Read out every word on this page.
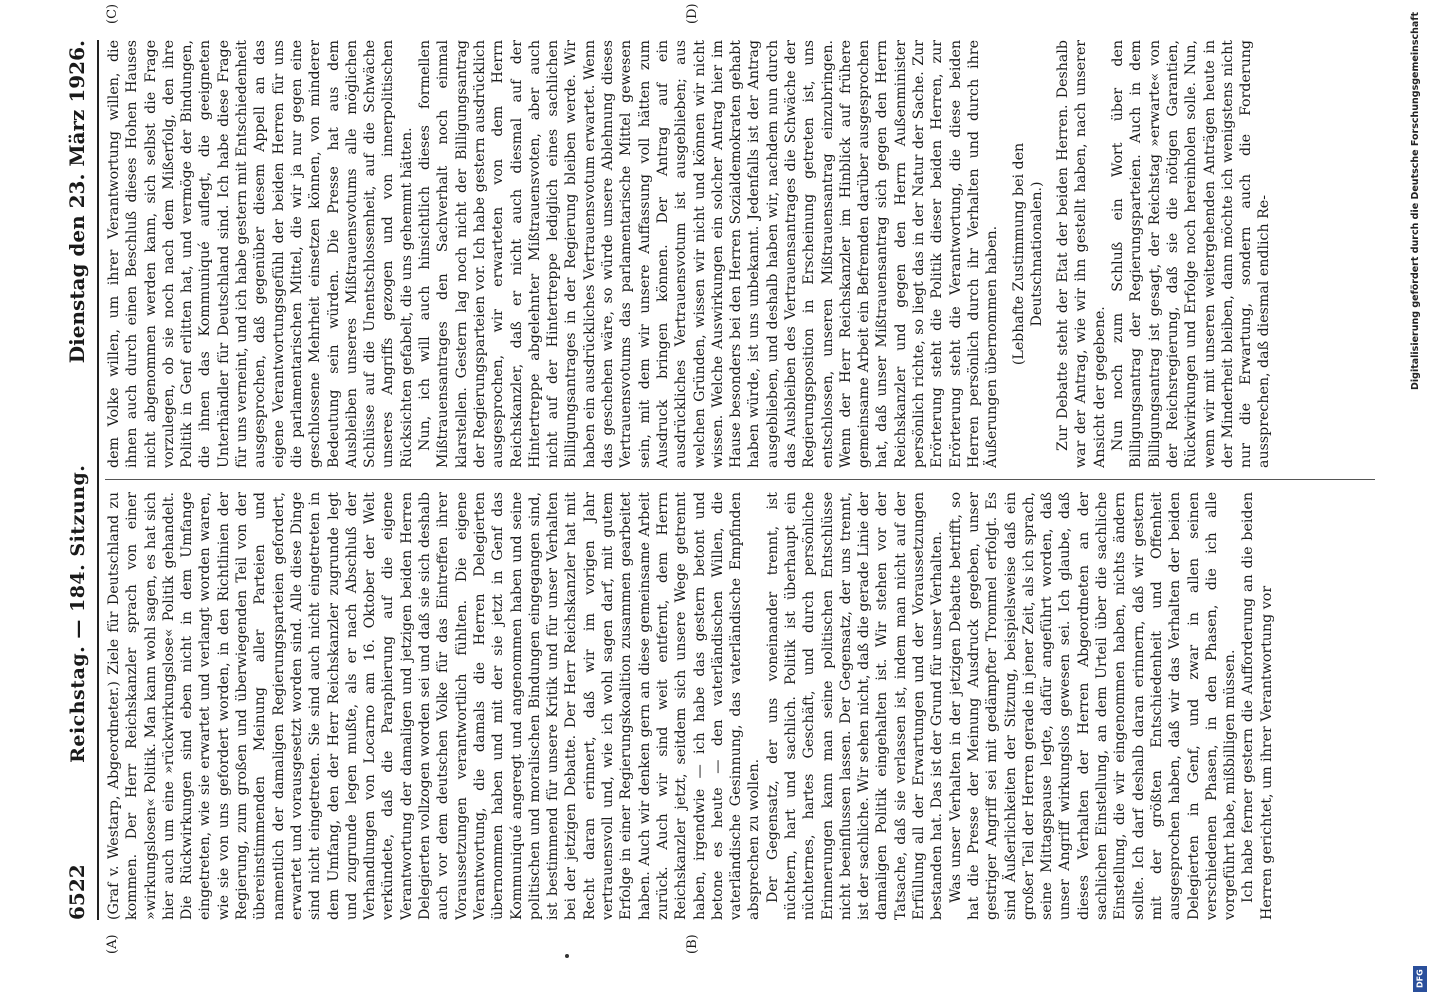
6522
Reichstag. — 184. Sitzung.
Dienstag den 23. März 1926.
(A)	(B)
(C)	(D)

(Graf v. Westarp, Abgeordneter.) Ziele für Deutschland zu kommen. Der Herr Reichskanzler sprach von einer »wirkungslosen« Politik. Man kann wohl sagen, es hat sich hier auch um eine »rückwirkungslose« Politik gehandelt. Die Rückwirkungen sind eben nicht in dem Umfange eingetreten, wie sie erwartet und verlangt worden waren, wie sie von uns gefordert worden, in den Richtlinien der Regierung, zum großen und überwiegenden Teil von der übereinstimmenden Meinung aller Parteien und namentlich der damaligen Regierungsparteien gefordert, erwartet und vorausgesetzt worden sind. Alle diese Dinge sind nicht eingetreten. Sie sind auch nicht eingetreten in dem Umfang, den der Herr Reichskanzler zugrunde legt und zugrunde legen mußte, als er nach Abschluß der Verhandlungen von Locarno am 16. Oktober der Welt verkündete, daß die Paraphierung auf die eigene Verantwortung der damaligen und jetzigen beiden Herren Delegierten vollzogen worden sei und daß sie sich deshalb auch vor dem deutschen Volke für das Eintreffen ihrer Voraussetzungen verantwortlich fühlten. Die eigene Verantwortung, die damals die Herren Delegierten übernommen haben und mit der sie jetzt in Genf das Kommuniqué angeregt und angenommen haben und seine politischen und moralischen Bindungen eingegangen sind, ist bestimmend für unsere Kritik und für unser Verhalten bei der jetzigen Debatte. Der Herr Reichskanzler hat mit Recht daran erinnert, daß wir im vorigen Jahr vertrauensvoll und, wie ich wohl sagen darf, mit gutem Erfolge in einer Regierungskoalition zusammen gearbeitet haben. Auch wir denken gern an diese gemeinsame Arbeit zurück. Auch wir sind weit entfernt, dem Herrn Reichskanzler jetzt, seitdem sich unsere Wege getrennt haben, irgendwie — ich habe das gestern betont und betone es heute — den vaterländischen Willen, die vaterländische Gesinnung, das vaterländische Empfinden absprechen zu wollen. Der Gegensatz, der uns voneinander trennt, ist nüchtern, hart und sachlich. Politik ist überhaupt ein nüchternes, hartes Geschäft, und durch persönliche Erinnerungen kann man seine politischen Entschlüsse nicht beeinflussen lassen. Der Gegensatz, der uns trennt, ist der sachliche. Wir sehen nicht, daß die gerade Linie der damaligen Politik eingehalten ist. Wir stehen vor der Tatsache, daß sie verlassen ist, indem man nicht auf der Erfüllung all der Erwartungen und der Voraussetzungen bestanden hat. Das ist der Grund für unser Verhalten. Was unser Verhalten in der jetzigen Debatte betrifft, so hat die Presse der Meinung Ausdruck gegeben, unser gestriger Angriff sei mit gedämpfter Trommel erfolgt. Es sind Äußerlichkeiten der Sitzung, beispielsweise daß ein großer Teil der Herren gerade in jener Zeit, als ich sprach, seine Mittagspause legte, dafür angeführt worden, daß unser Angriff wirkungslos gewesen sei. Ich glaube, daß dieses Verhalten der Herren Abgeordneten an der sachlichen Einstellung, an dem Urteil über die sachliche Einstellung, die wir eingenommen haben, nichts ändern sollte. Ich darf deshalb daran erinnern, daß wir gestern mit der größten Entschiedenheit und Offenheit ausgesprochen haben, daß wir das Verhalten der beiden Delegierten in Genf, und zwar in allen seinen verschiedenen Phasen, in den Phasen, die ich alle vorgeführt habe, mißbilligen müssen. Ich habe ferner gestern die Aufforderung an die beiden Herren gerichtet, um ihrer Verantwortung vor

dem Volke willen, um ihrer Verantwortung willen, die ihnen auch durch einen Beschluß dieses Hohen Hauses nicht abgenommen werden kann, sich selbst die Frage vorzulegen, ob sie noch nach dem Mißerfolg, den ihre Politik in Genf erlitten hat, und vermöge der Bindungen, die ihnen das Kommuniqué auflegt, die geeigneten Unterhändler für Deutschland sind. Ich habe diese Frage für uns verneint, und ich habe gestern mit Entschiedenheit ausgesprochen, daß gegenüber diesem Appell an das eigene Verantwortungsgefühl der beiden Herren für uns die parlamentarischen Mittel, die wir ja nur gegen eine geschlossene Mehrheit einsetzen können, von minderer Bedeutung sein würden. Die Presse hat aus dem Ausbleiben unseres Mißtrauensvotums alle möglichen Schlüsse auf die Unentschlossenheit, auf die Schwäche unseres Angriffs gezogen und von innerpolitischen Rücksichten gefabelt, die uns gehemmt hätten. Nun, ich will auch hinsichtlich dieses formellen Mißtrauensantrages den Sachverhalt noch einmal klarstellen. Gestern lag noch nicht der Billigungsantrag der Regierungsparteien vor. Ich habe gestern ausdrücklich ausgesprochen, wir erwarteten von dem Herrn Reichskanzler, daß er nicht auch diesmal auf der Hintertreppe abgelehnter Mißtrauensvoten, aber auch nicht auf der Hintertreppe lediglich eines sachlichen Billigungsantrages in der Regierung bleiben werde. Wir haben ein ausdrückliches Vertrauensvotum erwartet. Wenn das geschehen wäre, so würde unsere Ablehnung dieses Vertrauensvotums das parlamentarische Mittel gewesen sein, mit dem wir unsere Auffassung voll hätten zum Ausdruck bringen können. Der Antrag auf ein ausdrückliches Vertrauensvotum ist ausgeblieben; aus welchen Gründen, wissen wir nicht und können wir nicht wissen. Welche Auswirkungen ein solcher Antrag hier im Hause besonders bei den Herren Sozialdemokraten gehabt haben würde, ist uns unbekannt. Jedenfalls ist der Antrag ausgeblieben, und deshalb haben wir, nachdem nun durch das Ausbleiben des Vertrauensantrages die Schwäche der Regierungsposition in Erscheinung getreten ist, uns entschlossen, unseren Mißtrauensantrag einzubringen. Wenn der Herr Reichskanzler im Hinblick auf frühere gemeinsame Arbeit ein Befremden darüber ausgesprochen hat, daß unser Mißtrauensantrag sich gegen den Herrn Reichskanzler und gegen den Herrn Außenminister persönlich richte, so liegt das in der Natur der Sache. Zur Erörterung steht die Politik dieser beiden Herren, zur Erörterung steht die Verantwortung, die diese beiden Herren persönlich durch ihr Verhalten und durch ihre Äußerungen übernommen haben. (Lebhafte Zustimmung bei den Deutschnationalen.) Zur Debatte steht der Etat der beiden Herren. Deshalb war der Antrag, wie wir ihn gestellt haben, nach unserer Ansicht der gegebene. Nun noch zum Schluß ein Wort über den Billigungsantrag der Regierungsparteien. Auch in dem Billigungsantrag ist gesagt, der Reichstag »erwarte« von der Reichsregierung, daß sie die nötigen Garantien, Rückwirkungen und Erfolge noch hereinholen solle. Nun, wenn wir mit unseren weitergehenden Anträgen heute in der Minderheit bleiben, dann möchte ich wenigstens nicht nur die Erwartung, sondern auch die Forderung aussprechen, daß diesmal endlich Re-	Digitalisierung gefördert durch die Deutsche Forschungsgemeinschaft
DFG
